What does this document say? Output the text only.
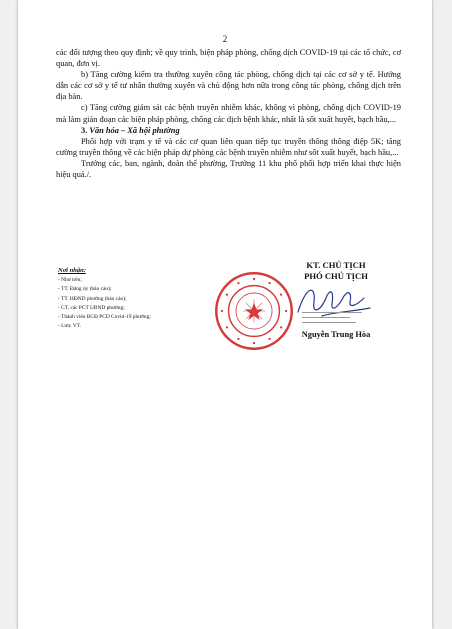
2

các đối tượng theo quy định; về quy trình, biện pháp phòng, chống dịch COVID-19 tại các tổ chức, cơ quan, đơn vị.

b) Tăng cường kiểm tra thường xuyên công tác phòng, chống dịch tại các cơ sở y tế. Hướng dẫn các cơ sở y tế tư nhân thường xuyên và chủ động hơn nữa trong công tác phòng, chống dịch trên địa bàn.

c) Tăng cường giám sát các bệnh truyền nhiễm khác, không vì phòng, chống dịch COVID-19 mà làm gián đoạn các biện pháp phòng, chống các dịch bệnh khác, nhất là sốt xuất huyết, bạch hầu,...

3. Văn hóa – Xã hội phường

Phối hợp với trạm y tế và các cơ quan liên quan tiếp tục truyền thông thông điệp 5K; tăng cường truyền thông về các biện pháp dự phòng các bệnh truyền nhiễm như sốt xuất huyết, bạch hầu,...

Trưởng các, ban, ngành, đoàn thể phường, Trưởng 11 khu phố phối hợp triển khai thực hiện hiệu quả./.

Nơi nhận:
- Như trên;
- TT. Đảng ủy (báo cáo);
- TT. HĐND phường (báo cáo);
- CT, các PCT UBND phường;
- Thành viên BCĐ PCD Covid-19 phường;
- Lưu: VT.
KT. CHỦ TỊCH
PHÓ CHỦ TỊCH
Nguyễn Trung Hòa
